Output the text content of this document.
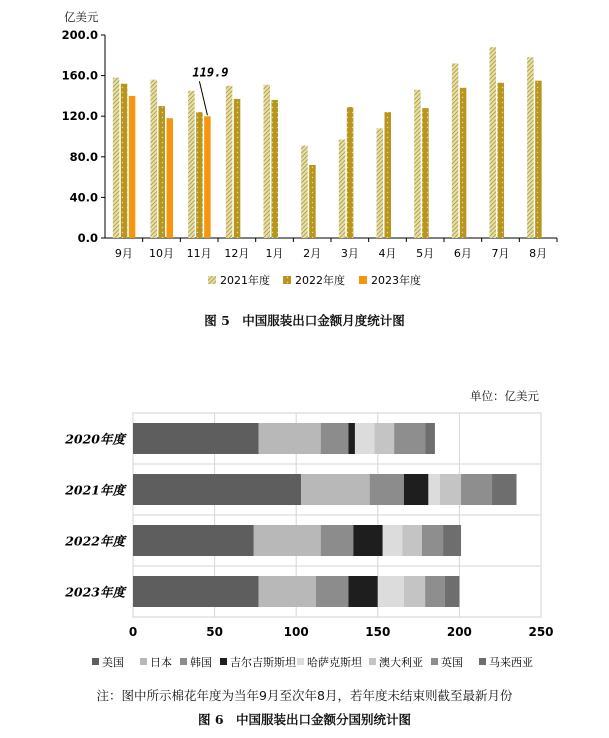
亿美元
单位：亿美元
0.0
40.0
80.0
120.0
160.0
200.0
9月 10月 11月 12月 1月 2月 3月 4月 5月 6月 7月 8月
119.9
2021年度 2022年度 2023年度
0	50	100	150	200	250
2020年度
2021年度
2022年度
2023年度
美国 日本 韩国 吉尔吉斯斯坦 哈萨克斯坦 澳大利亚 英国 马来西亚
图 5　中国服装出口金额月度统计图
注：图中所示棉花年度为当年9月至次年8月，若年度未结束则截至最新月份
图 6　中国服装出口金额分国别统计图
